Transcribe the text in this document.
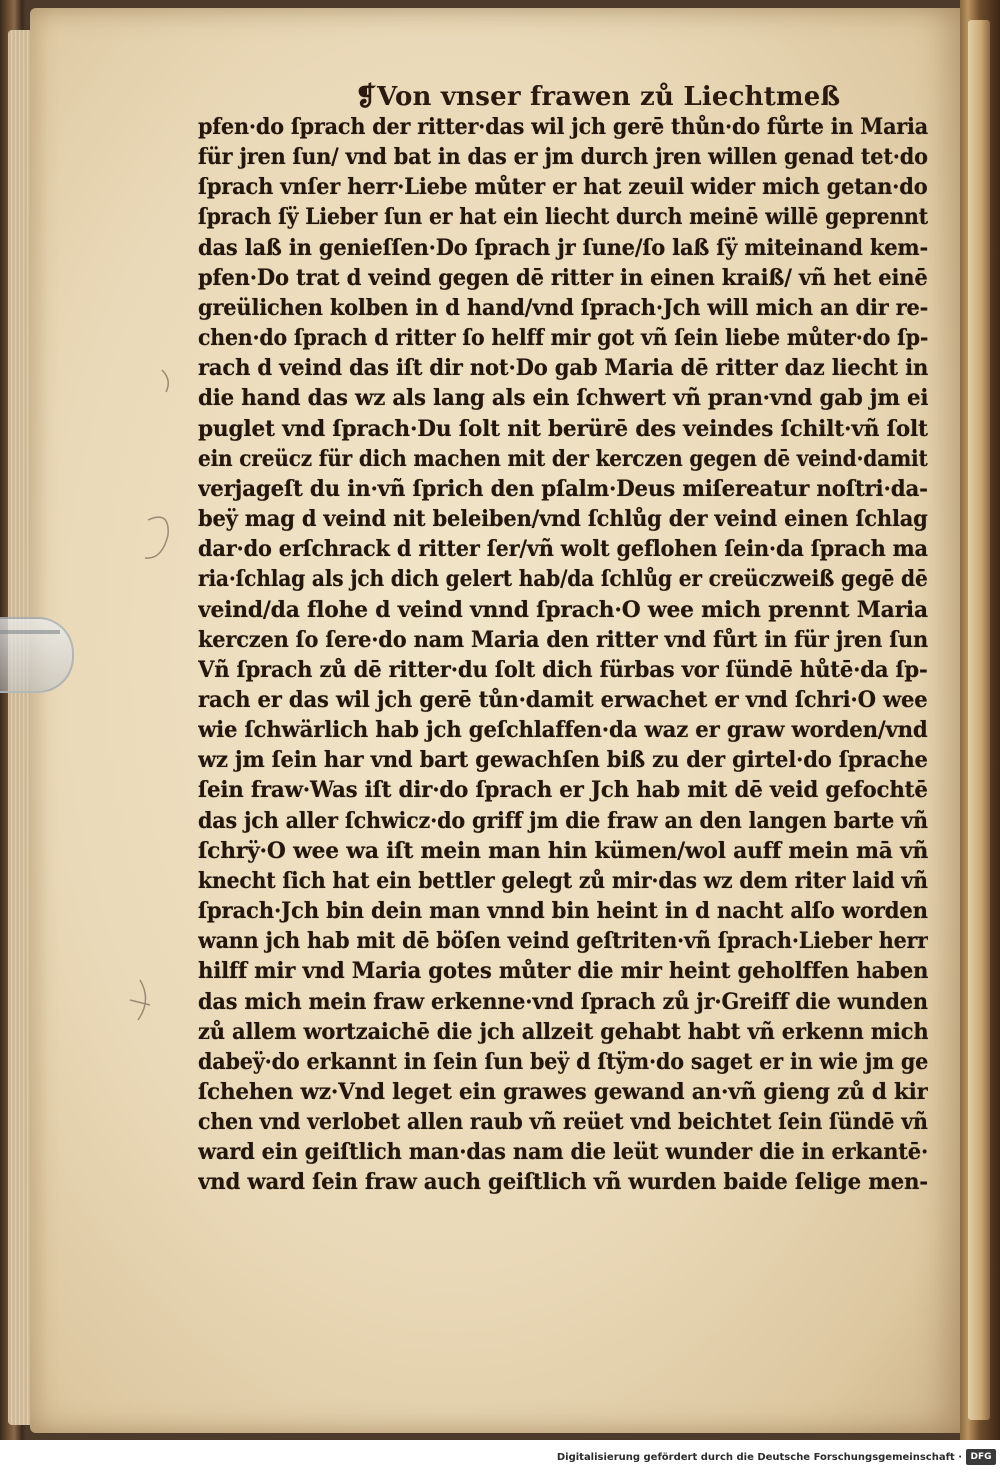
❡Von vnser frawen zů Liechtmeß
pfen·do ſprach der ritter·das wil jch gerē thůn·do fůrte in Maria
für jren ſun/ vnd bat in das er jm durch jren willen genad tet·do
ſprach vnſer herr·Liebe můter er hat zeuil wider mich getan·do
ſprach ſÿ Lieber ſun er hat ein liecht durch meinē willē geprennt
das laß in genieſſen·Do ſprach jr ſune/ſo laß ſÿ miteinand kem-
pfen·Do trat d veind gegen dē ritter in einen kraiß/ vñ het einē
greülichen kolben in d hand/vnd ſprach·Jch will mich an dir re-
chen·do ſprach d ritter ſo helff mir got vñ ſein liebe můter·do ſp-
rach d veind das iſt dir not·Do gab Maria dē ritter daz liecht in
die hand das wz als lang als ein ſchwert vñ pran·vnd gab jm ei
puglet vnd ſprach·Du ſolt nit berürē des veindes ſchilt·vñ ſolt
ein creücz für dich machen mit der kerczen gegen dē veind·damit
verjageſt du in·vñ ſprich den pſalm·Deus miſereatur noſtri·da-
beÿ mag d veind nit beleiben/vnd ſchlůg der veind einen ſchlag
dar·do erſchrack d ritter ſer/vñ wolt geflohen ſein·da ſprach ma
ria·ſchlag als jch dich gelert hab/da ſchlůg er creüczweiß gegē dē
veind/da flohe d veind vnnd ſprach·O wee mich prennt Maria
kerczen ſo ſere·do nam Maria den ritter vnd fůrt in für jren ſun
Vñ ſprach zů dē ritter·du ſolt dich fürbas vor ſündē hůtē·da ſp-
rach er das wil jch gerē tůn·damit erwachet er vnd ſchri·O wee
wie ſchwärlich hab jch geſchlaffen·da waz er graw worden/vnd
wz jm ſein har vnd bart gewachſen biß zu der girtel·do ſprache
ſein fraw·Was iſt dir·do ſprach er Jch hab mit dē veid gefochtē
das jch aller ſchwicz·do griff jm die fraw an den langen barte vñ
ſchrÿ·O wee wa iſt mein man hin kümen/wol auff mein mā vñ
knecht ſich hat ein bettler gelegt zů mir·das wz dem riter laid vñ
ſprach·Jch bin dein man vnnd bin heint in d nacht alſo worden
wann jch hab mit dē böſen veind geſtriten·vñ ſprach·Lieber herr
hilff mir vnd Maria gotes můter die mir heint geholffen haben
das mich mein fraw erkenne·vnd ſprach zů jr·Greiff die wunden
zů allem wortzaichē die jch allzeit gehabt habt vñ erkenn mich
dabeÿ·do erkannt in ſein ſun beÿ d ſtÿm·do saget er in wie jm ge
ſchehen wz·Vnd leget ein grawes gewand an·vñ gieng zů d kir
chen vnd verlobet allen raub vñ reüet vnd beichtet ſein ſündē vñ
ward ein geiſtlich man·das nam die leüt wunder die in erkantē·
vnd ward ſein fraw auch geiſtlich vñ wurden baide ſelige men-
Digitalisierung gefördert durch die Deutsche Forschungsgemeinschaft · DFG
